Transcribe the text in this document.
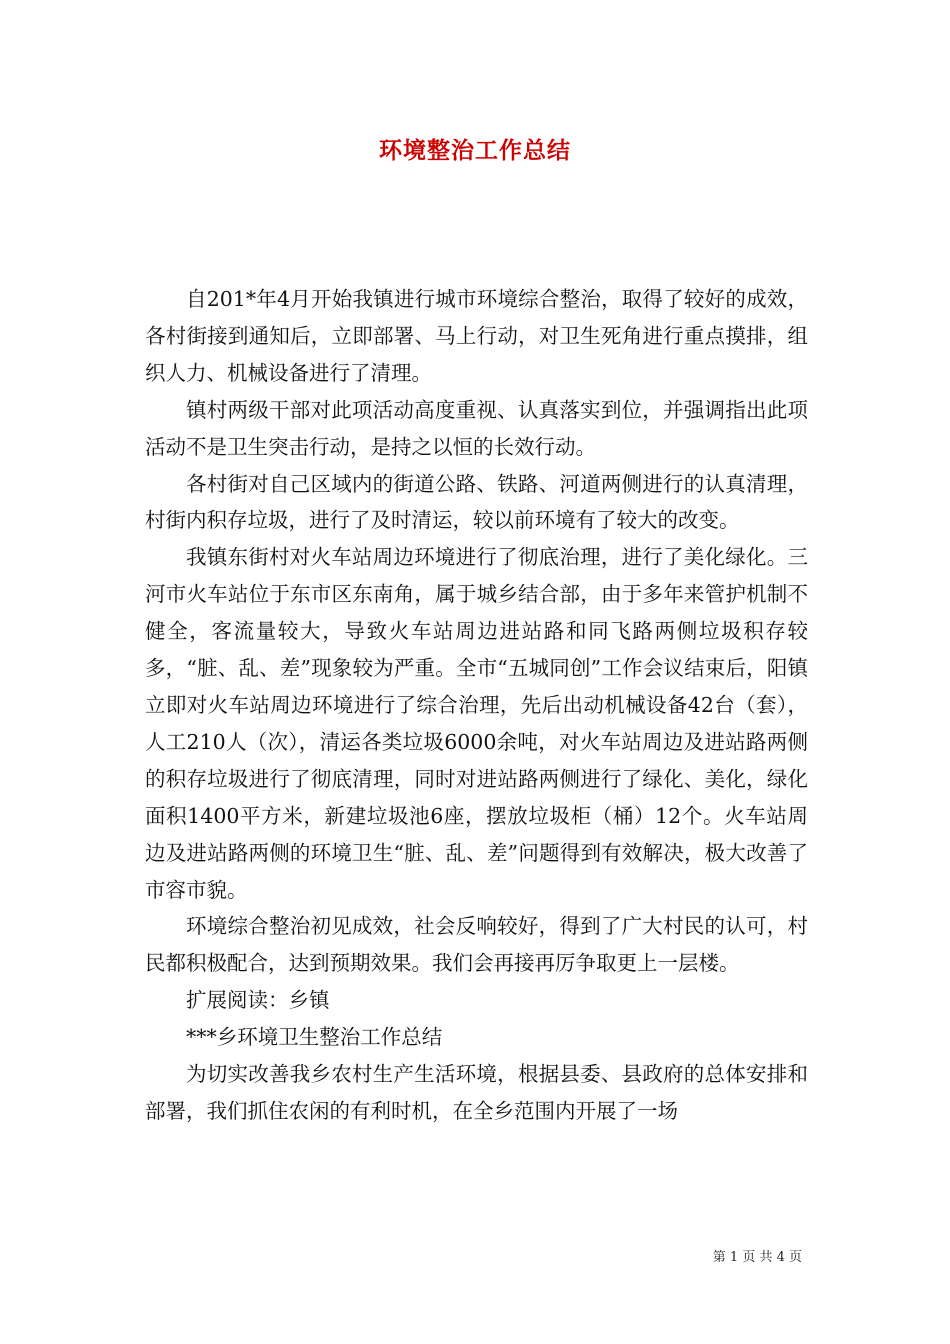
环境整治工作总结

自201*年4月开始我镇进行城市环境综合整治，取得了较好的成效，各村街接到通知后，立即部署、马上行动，对卫生死角进行重点摸排，组织人力、机械设备进行了清理。

镇村两级干部对此项活动高度重视、认真落实到位，并强调指出此项活动不是卫生突击行动，是持之以恒的长效行动。

各村街对自己区域内的街道公路、铁路、河道两侧进行的认真清理，村街内积存垃圾，进行了及时清运，较以前环境有了较大的改变。

我镇东街村对火车站周边环境进行了彻底治理，进行了美化绿化。三河市火车站位于东市区东南角，属于城乡结合部，由于多年来管护机制不健全，客流量较大，导致火车站周边进站路和同飞路两侧垃圾积存较多，“脏、乱、差”现象较为严重。全市“五城同创”工作会议结束后，阳镇立即对火车站周边环境进行了综合治理，先后出动机械设备42台（套），人工210人（次），清运各类垃圾6000余吨，对火车站周边及进站路两侧的积存垃圾进行了彻底清理，同时对进站路两侧进行了绿化、美化，绿化面积1400平方米，新建垃圾池6座，摆放垃圾柜（桶）12个。火车站周边及进站路两侧的环境卫生“脏、乱、差”问题得到有效解决，极大改善了市容市貌。

环境综合整治初见成效，社会反响较好，得到了广大村民的认可，村民都积极配合，达到预期效果。我们会再接再厉争取更上一层楼。

扩展阅读：乡镇

***乡环境卫生整治工作总结

为切实改善我乡农村生产生活环境，根据县委、县政府的总体安排和部署，我们抓住农闲的有利时机，在全乡范围内开展了一场

第 1 页 共 4 页
